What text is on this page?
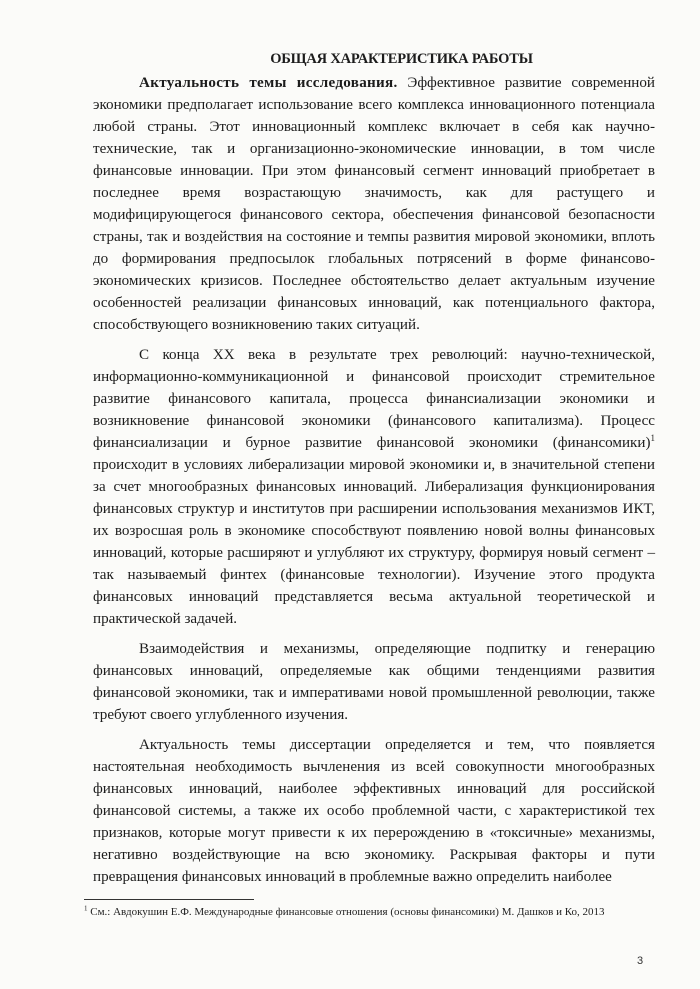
ОБЩАЯ ХАРАКТЕРИСТИКА РАБОТЫ

Актуальность темы исследования. Эффективное развитие современной экономики предполагает использование всего комплекса инновационного потенциала любой страны. Этот инновационный комплекс включает в себя как научно-технические, так и организационно-экономические инновации, в том числе финансовые инновации. При этом финансовый сегмент инноваций приобретает в последнее время возрастающую значимость, как для растущего и модифицирующегося финансового сектора, обеспечения финансовой безопасности страны, так и воздействия на состояние и темпы развития мировой экономики, вплоть до формирования предпосылок глобальных потрясений в форме финансово-экономических кризисов. Последнее обстоятельство делает актуальным изучение особенностей реализации финансовых инноваций, как потенциального фактора, способствующего возникновению таких ситуаций.

С конца XX века в результате трех революций: научно-технической, информационно-коммуникационной и финансовой происходит стремительное развитие финансового капитала, процесса финансиализации экономики и возникновение финансовой экономики (финансового капитализма). Процесс финансиализации и бурное развитие финансовой экономики (финансомики)$^1$ происходит в условиях либерализации мировой экономики и, в значительной степени за счет многообразных финансовых инноваций. Либерализация функционирования финансовых структур и институтов при расширении использования механизмов ИКТ, их возросшая роль в экономике способствуют появлению новой волны финансовых инноваций, которые расширяют и углубляют их структуру, формируя новый сегмент – так называемый финтех (финансовые технологии). Изучение этого продукта финансовых инноваций представляется весьма актуальной теоретической и практической задачей.

Взаимодействия и механизмы, определяющие подпитку и генерацию финансовых инноваций, определяемые как общими тенденциями развития финансовой экономики, так и императивами новой промышленной революции, также требуют своего углубленного изучения.

Актуальность темы диссертации определяется и тем, что появляется настоятельная необходимость вычленения из всей совокупности многообразных финансовых инноваций, наиболее эффективных инноваций для российской финансовой системы, а также их особо проблемной части, с характеристикой тех признаков, которые могут привести к их перерождению в «токсичные» механизмы, негативно воздействующие на всю экономику. Раскрывая факторы и пути превращения финансовых инноваций в проблемные важно определить наиболее

$^1$ См.: Авдокушин Е.Ф. Международные финансовые отношения (основы финансомики) М. Дашков и Ко, 2013
3
